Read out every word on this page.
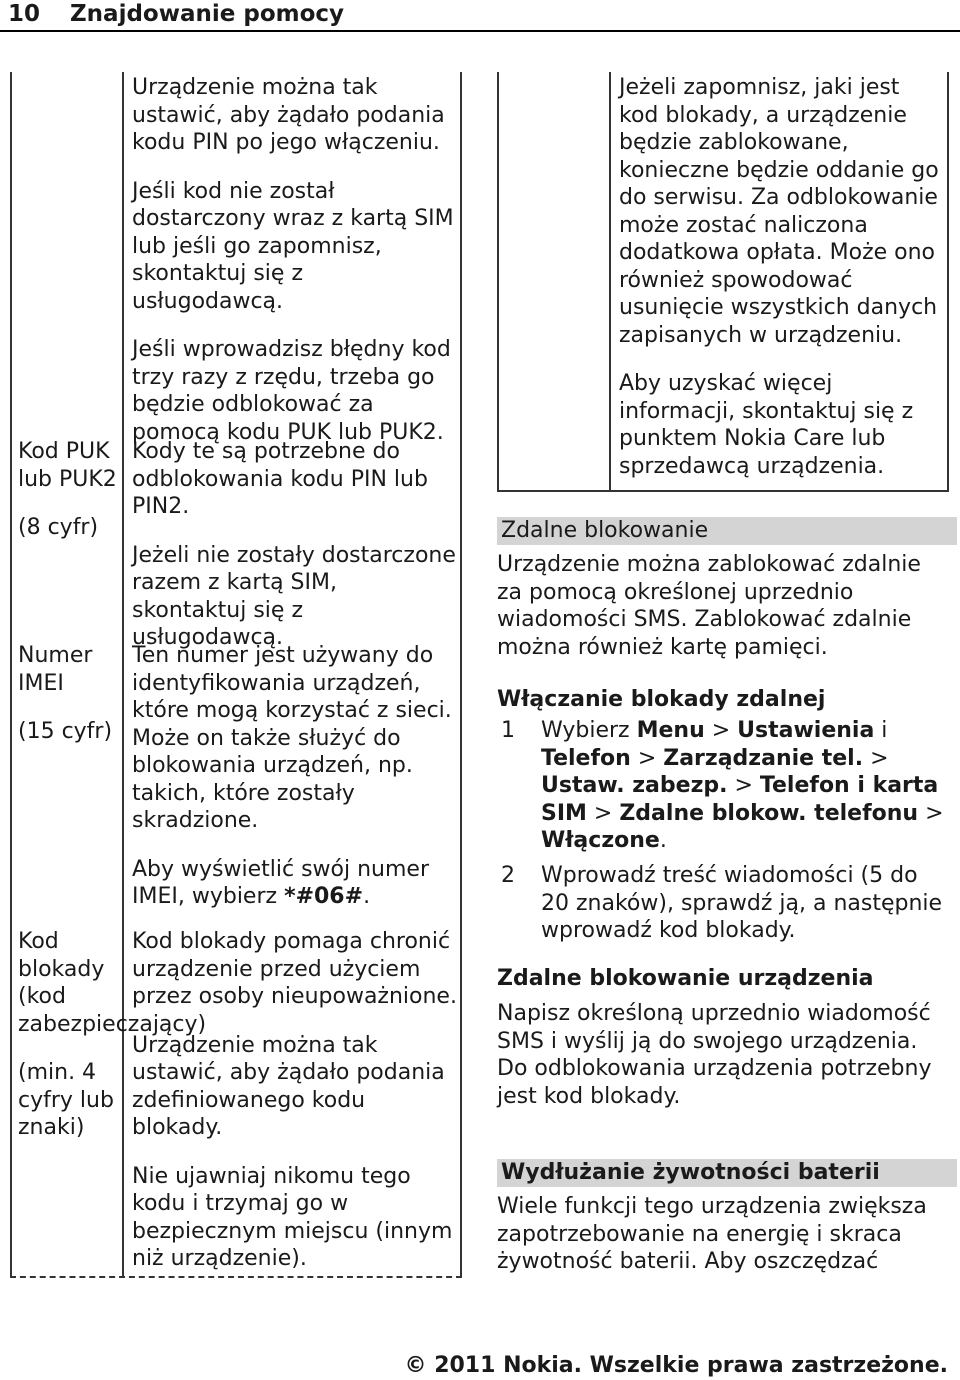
10 Znajdowanie pomocy

Urządzenie można tak ustawić, aby żądało podania kodu PIN po jego włączeniu.

Jeśli kod nie został dostarczony wraz z kartą SIM lub jeśli go zapomnisz, skontaktuj się z usługodawcą.

Jeśli wprowadzisz błędny kod trzy razy z rzędu, trzeba go będzie odblokować za pomocą kodu PUK lub PUK2.

Kod PUK lub PUK2

(8 cyfr)

Kody te są potrzebne do odblokowania kodu PIN lub PIN2.

Jeżeli nie zostały dostarczone razem z kartą SIM, skontaktuj się z usługodawcą.

Numer IMEI

(15 cyfr)

Ten numer jest używany do identyfikowania urządzeń, które mogą korzystać z sieci. Może on także służyć do blokowania urządzeń, np. takich, które zostały skradzione.

Aby wyświetlić swój numer IMEI, wybierz *#06#.

Kod blokady (kod zabezpieczający)

(min. 4 cyfry lub znaki)

Kod blokady pomaga chronić urządzenie przed użyciem przez osoby nieupoważnione.

Urządzenie można tak ustawić, aby żądało podania zdefiniowanego kodu blokady.

Nie ujawniaj nikomu tego kodu i trzymaj go w bezpiecznym miejscu (innym niż urządzenie).

Jeżeli zapomnisz, jaki jest kod blokady, a urządzenie będzie zablokowane, konieczne będzie oddanie go do serwisu. Za odblokowanie może zostać naliczona dodatkowa opłata. Może ono również spowodować usunięcie wszystkich danych zapisanych w urządzeniu.

Aby uzyskać więcej informacji, skontaktuj się z punktem Nokia Care lub sprzedawcą urządzenia.

Zdalne blokowanie
Urządzenie można zablokować zdalnie za pomocą określonej uprzednio wiadomości SMS. Zablokować zdalnie można również kartę pamięci.
Włączanie blokady zdalnej
1 Wybierz Menu > Ustawienia i Telefon > Zarządzanie tel. > Ustaw. zabezp. > Telefon i karta SIM > Zdalne blokow. telefonu > Włączone.
2 Wprowadź treść wiadomości (5 do 20 znaków), sprawdź ją, a następnie wprowadź kod blokady.
Zdalne blokowanie urządzenia
Napisz określoną uprzednio wiadomość SMS i wyślij ją do swojego urządzenia. Do odblokowania urządzenia potrzebny jest kod blokady.
Wydłużanie żywotności baterii
Wiele funkcji tego urządzenia zwiększa zapotrzebowanie na energię i skraca żywotność baterii. Aby oszczędzać
© 2011 Nokia. Wszelkie prawa zastrzeżone.
